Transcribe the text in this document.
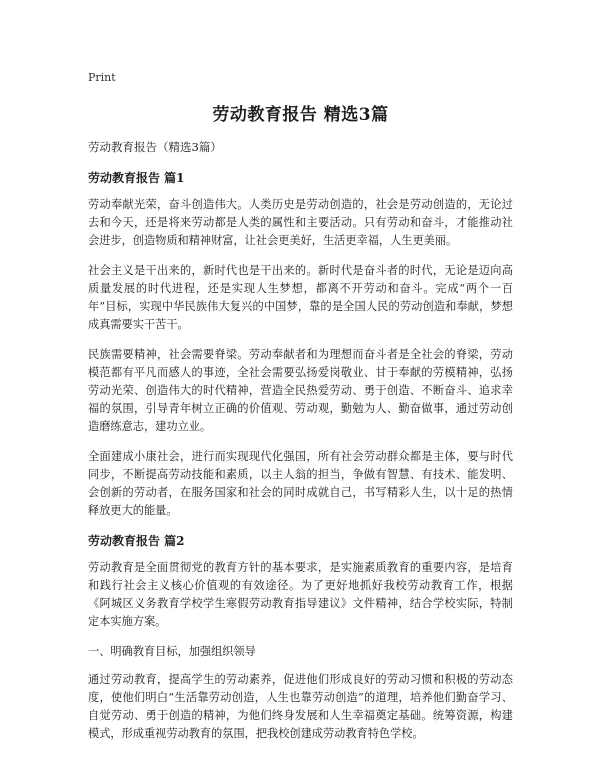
Print
劳动教育报告 精选3篇
劳动教育报告（精选3篇）
劳动教育报告 篇1

劳动奉献光荣，奋斗创造伟大。人类历史是劳动创造的，社会是劳动创造的，无论过去和今天，还是将来劳动都是人类的属性和主要活动。只有劳动和奋斗，才能推动社会进步，创造物质和精神财富，让社会更美好，生活更幸福，人生更美丽。

社会主义是干出来的，新时代也是干出来的。新时代是奋斗者的时代，无论是迈向高质量发展的时代进程，还是实现人生梦想，都离不开劳动和奋斗。完成“两个一百年”目标，实现中华民族伟大复兴的中国梦，靠的是全国人民的劳动创造和奉献，梦想成真需要实干苦干。

民族需要精神，社会需要脊梁。劳动奉献者和为理想而奋斗者是全社会的脊梁，劳动模范都有平凡而感人的事迹，全社会需要弘扬爱岗敬业、甘于奉献的劳模精神，弘扬劳动光荣、创造伟大的时代精神，营造全民热爱劳动、勇于创造、不断奋斗、追求幸福的氛围，引导青年树立正确的价值观、劳动观，勤勉为人、勤奋做事，通过劳动创造磨练意志，建功立业。

全面建成小康社会，进行而实现现代化强国，所有社会劳动群众都是主体，要与时代同步，不断提高劳动技能和素质，以主人翁的担当，争做有智慧、有技术、能发明、会创新的劳动者，在服务国家和社会的同时成就自己，书写精彩人生，以十足的热情释放更大的能量。

劳动教育报告 篇2

劳动教育是全面贯彻党的教育方针的基本要求，是实施素质教育的重要内容，是培育和践行社会主义核心价值观的有效途径。为了更好地抓好我校劳动教育工作，根据《阿城区义务教育学校学生寒假劳动教育指导建议》文件精神，结合学校实际，特制定本实施方案。

一、明确教育目标，加强组织领导

通过劳动教育，提高学生的劳动素养，促进他们形成良好的劳动习惯和积极的劳动态度，使他们明白“生活靠劳动创造，人生也靠劳动创造”的道理，培养他们勤奋学习、自觉劳动、勇于创造的精神，为他们终身发展和人生幸福奠定基础。统筹资源，构建模式，形成重视劳动教育的氛围，把我校创建成劳动教育特色学校。
